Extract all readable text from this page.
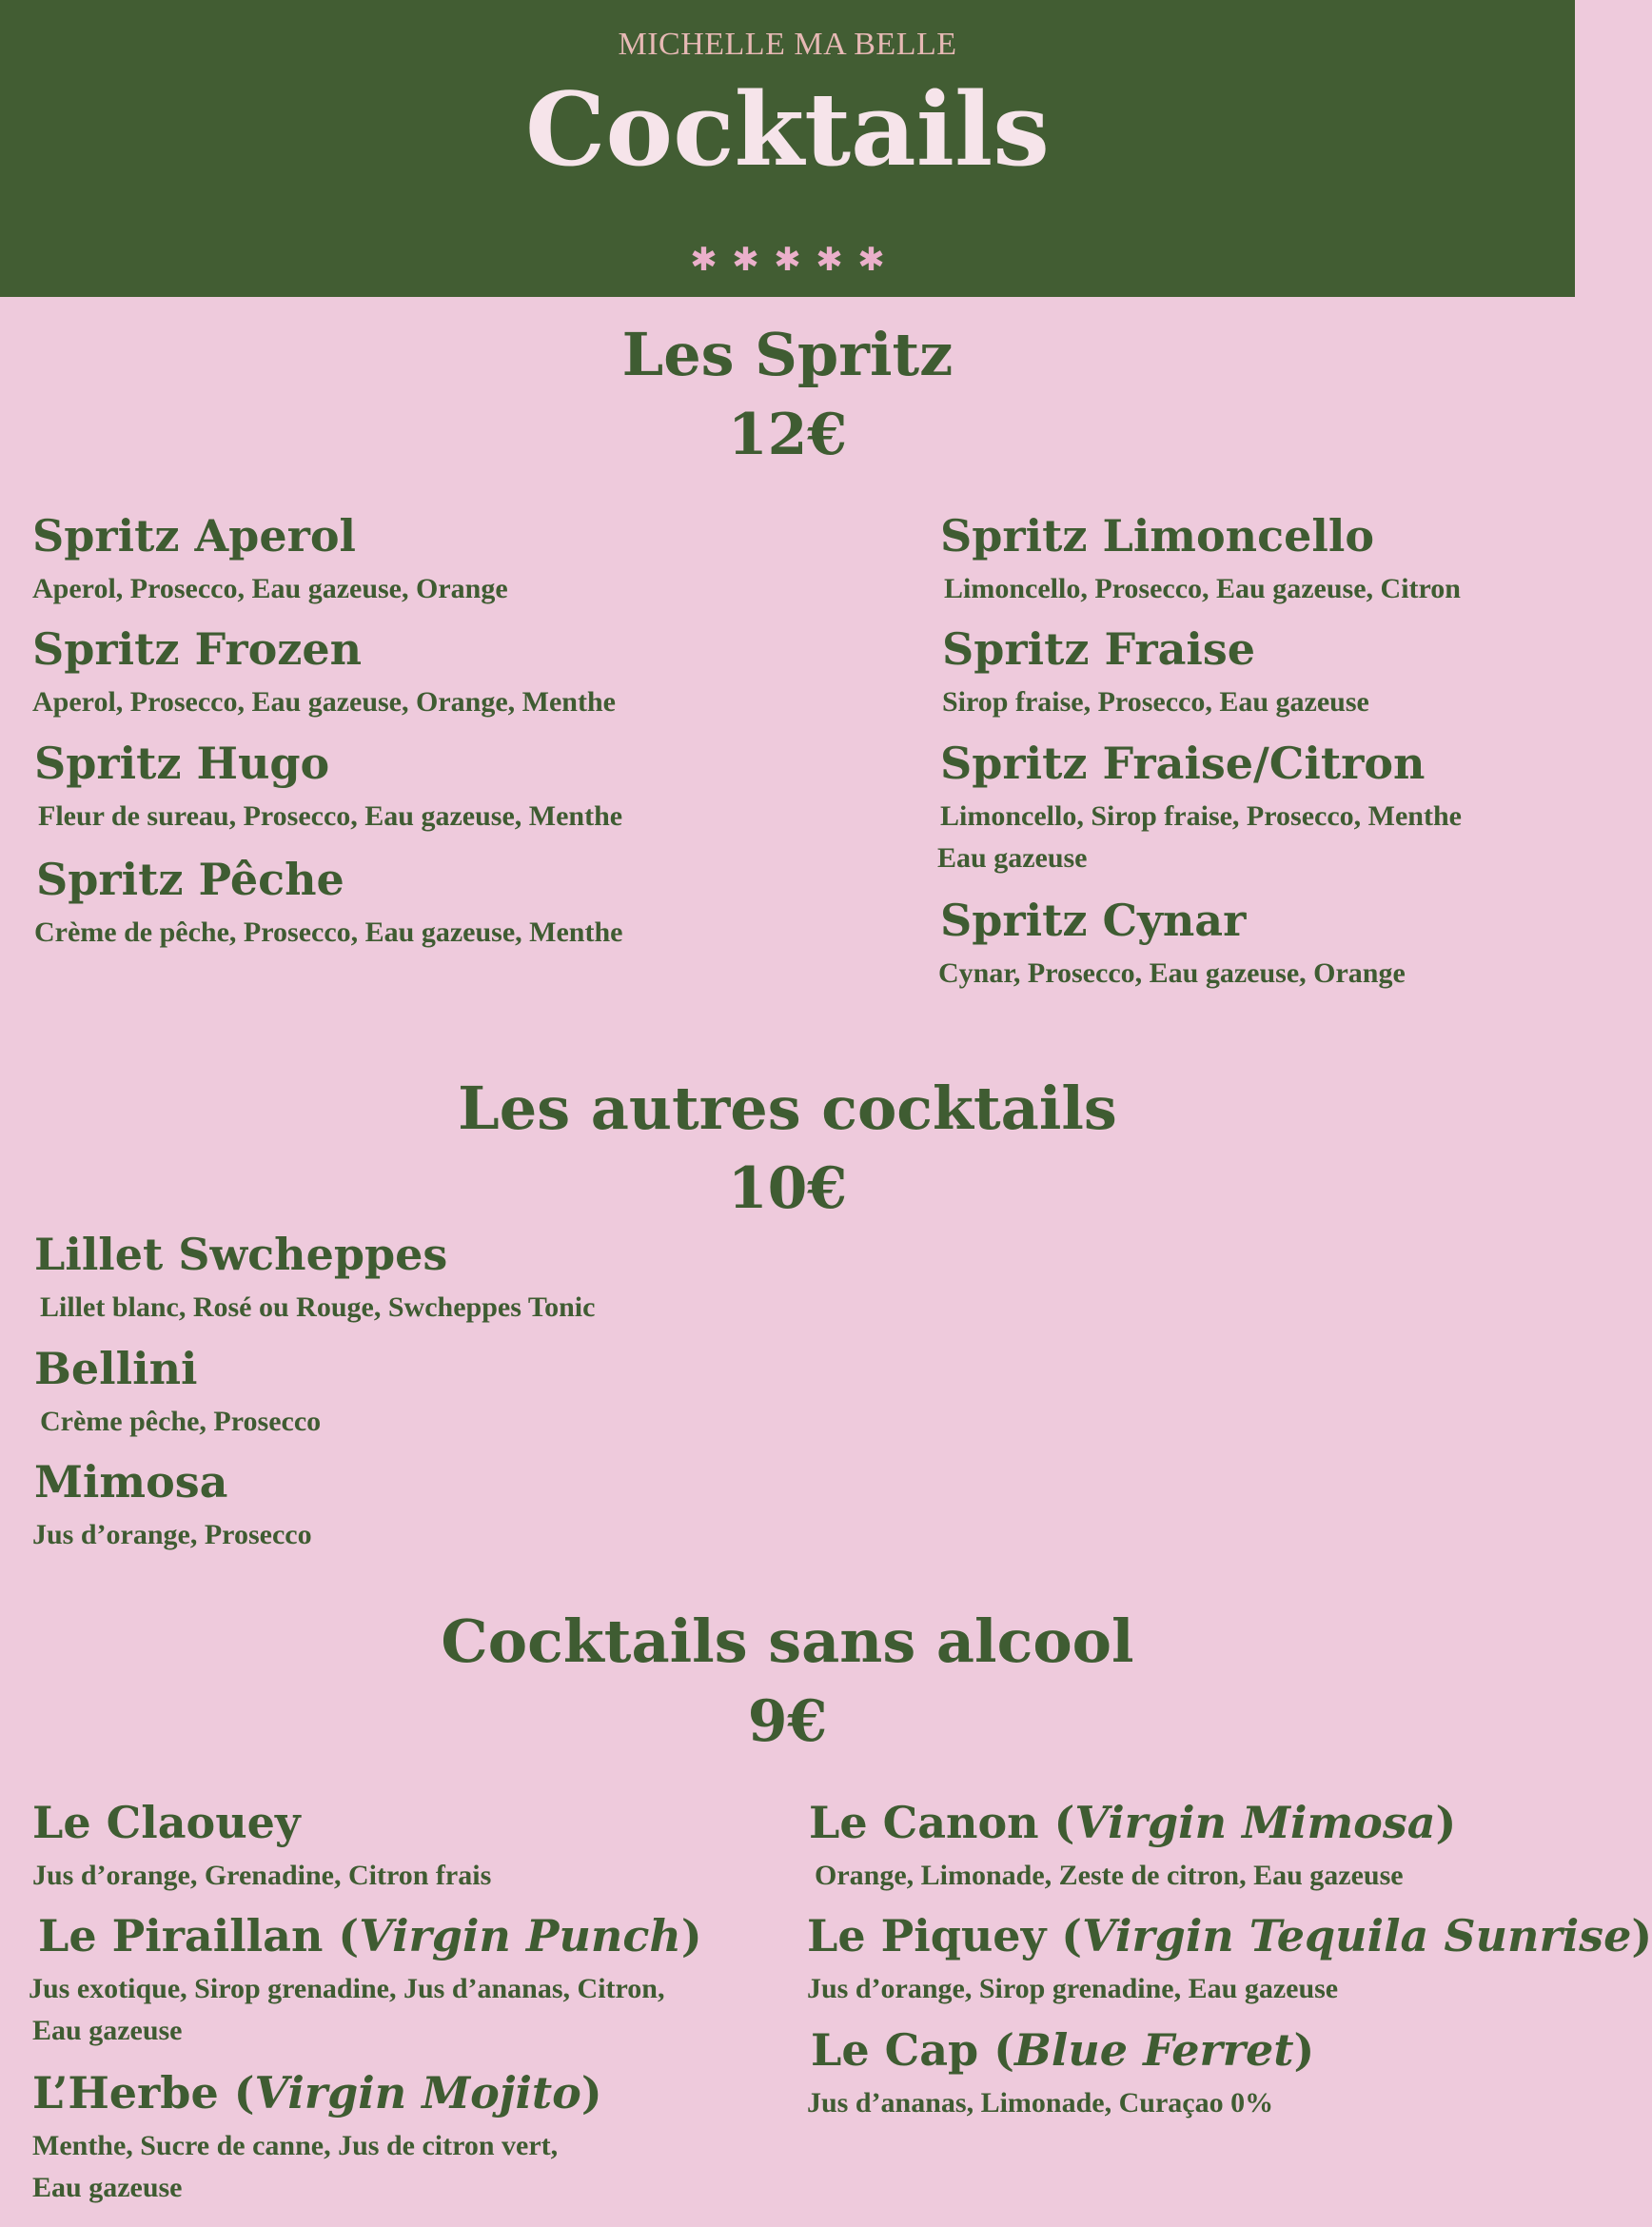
MICHELLE MA BELLE
Cocktails
✱ ✱ ✱ ✱ ✱
Les Spritz
12€
Spritz Aperol
Aperol, Prosecco, Eau gazeuse, Orange
Spritz Frozen
Aperol, Prosecco, Eau gazeuse, Orange, Menthe
Spritz Hugo
Fleur de sureau, Prosecco, Eau gazeuse, Menthe
Spritz Pêche
Crème de pêche, Prosecco, Eau gazeuse, Menthe
Spritz Limoncello
Limoncello, Prosecco, Eau gazeuse, Citron
Spritz Fraise
Sirop fraise, Prosecco, Eau gazeuse
Spritz Fraise/Citron
Limoncello, Sirop fraise, Prosecco, Menthe
Eau gazeuse
Spritz Cynar
Cynar, Prosecco, Eau gazeuse, Orange
Les autres cocktails
10€
Lillet Swcheppes
Lillet blanc, Rosé ou Rouge, Swcheppes Tonic
Bellini
Crème pêche, Prosecco
Mimosa
Jus d’orange, Prosecco
Cocktails sans alcool
9€
Le Claouey
Jus d’orange, Grenadine, Citron frais
Le Piraillan (Virgin Punch)
Jus exotique, Sirop grenadine, Jus d’ananas, Citron,
Eau gazeuse
L’Herbe (Virgin Mojito)
Menthe, Sucre de canne, Jus de citron vert,
Eau gazeuse
Le Canon (Virgin Mimosa)
Orange, Limonade, Zeste de citron, Eau gazeuse
Le Piquey (Virgin Tequila Sunrise)
Jus d’orange, Sirop grenadine, Eau gazeuse
Le Cap (Blue Ferret)
Jus d’ananas, Limonade, Curaçao 0%
